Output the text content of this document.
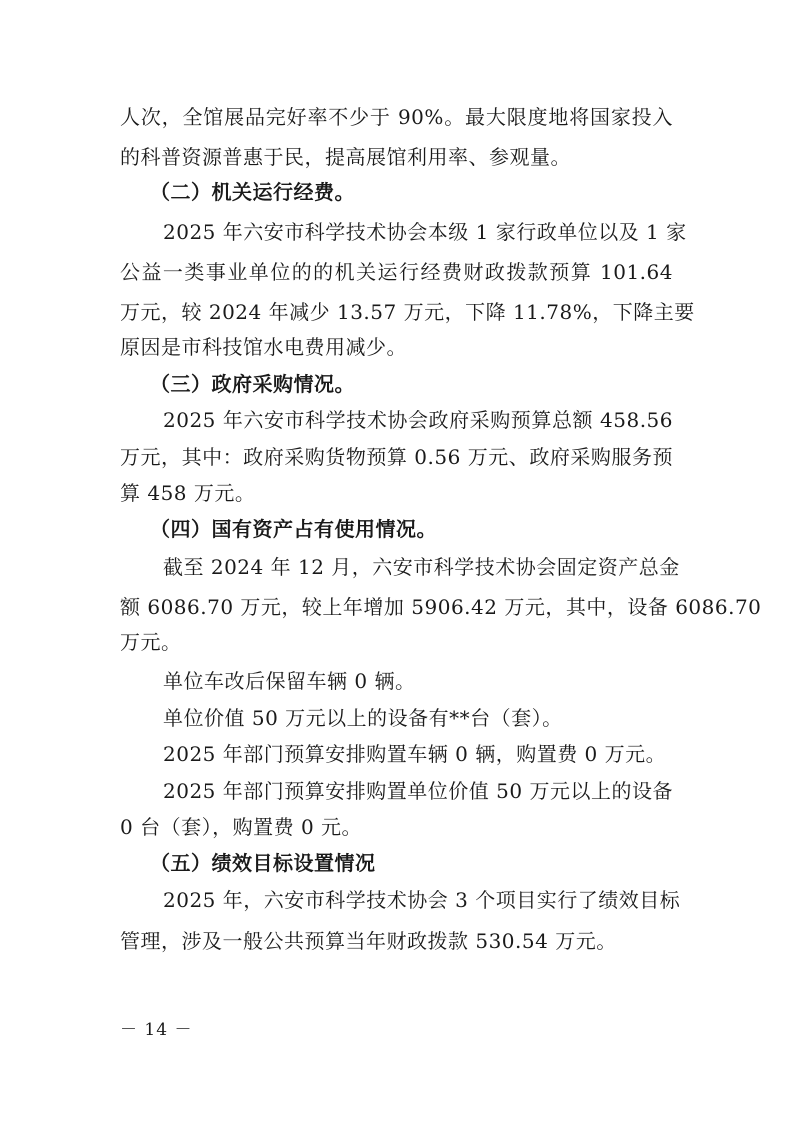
人次，全馆展品完好率不少于 90%。最大限度地将国家投入
的科普资源普惠于民，提高展馆利用率、参观量。
（二）机关运行经费。
2025 年六安市科学技术协会本级 1 家行政单位以及 1 家
公益一类事业单位的的机关运行经费财政拨款预算 101.64
万元，较 2024 年减少 13.57 万元，下降 11.78%，下降主要
原因是市科技馆水电费用减少。
（三）政府采购情况。
2025 年六安市科学技术协会政府采购预算总额 458.56
万元，其中：政府采购货物预算 0.56 万元、政府采购服务预
算 458 万元。
（四）国有资产占有使用情况。
截至 2024 年 12 月，六安市科学技术协会固定资产总金
额 6086.70 万元，较上年增加 5906.42 万元，其中，设备 6086.70
万元。
单位车改后保留车辆 0 辆。
单位价值 50 万元以上的设备有**台（套）。
2025 年部门预算安排购置车辆 0 辆，购置费 0 万元。
2025 年部门预算安排购置单位价值 50 万元以上的设备
0 台（套），购置费 0 元。
（五）绩效目标设置情况
2025 年，六安市科学技术协会 3 个项目实行了绩效目标
管理，涉及一般公共预算当年财政拨款 530.54 万元。
－ 14 －
